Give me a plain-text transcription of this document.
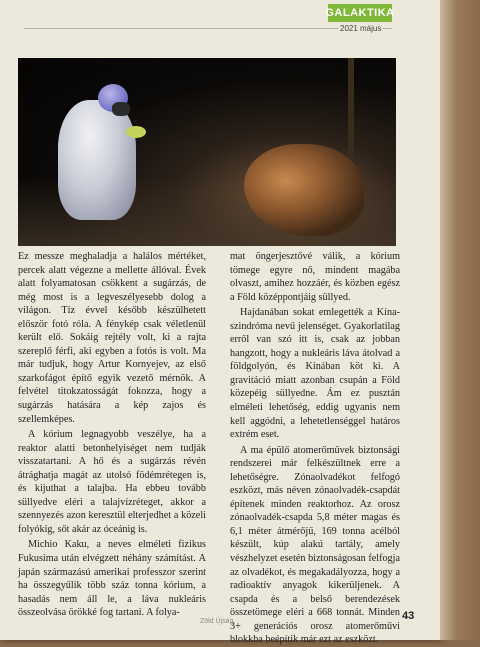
GALAKTIKA
2021 május

Ez messze meghaladja a halálos mértéket, percek alatt végezne a mellette állóval. Évek alatt folyamatosan csökkent a sugárzás, de még most is a legveszélyesebb dolog a világon. Tíz évvel később készülhetett először fotó róla. A fénykép csak véletlenül került elő. Sokáig rejtély volt, ki a rajta szereplő férfi, aki egyben a fotós is volt. Ma már tudjuk, hogy Artur Kornyejev, az első szarkofágot építő egyik vezető mérnök. A felvétel titokzatosságát fokozza, hogy a sugárzás hatására a kép zajos és szellemképes.

A kórium legnagyobb veszélye, ha a reaktor alatti betonhelyiséget nem tudják visszatartani. A hő és a sugárzás révén átrághatja magát az utolsó födémrétegen is, és kijuthat a talajba. Ha ebbeu tovább süllyedve eléri a talajvízréteget, akkor a szennyezés azon keresztül elterjedhet a közeli folyókig, sőt akár az óceánig is.

Michio Kaku, a neves elméleti fizikus Fukusima után elvégzett néhány számítást. A japán származású amerikai professzor szerint ha összegyűlik több száz tonna kórium, a hasadás nem áll le, a láva nukleáris összeolvása örökké fog tartani. A folya-

mat öngerjesztővé válik, a kórium tömege egyre nő, mindent magába olvaszt, amihez hozzáér, és közben egész a Föld középpontjáig süllyed.

Hajdanában sokat emlegették a Kína-szindróma nevű jelenséget. Gyakorlatilag erről van szó itt is, csak az jobban hangzott, hogy a nukleáris láva átolvad a földgolyón, és Kínában köt ki. A gravitáció miatt azonban csupán a Föld közepéig süllyedne. Ám ez pusztán elméleti lehetőség, eddig ugyanis nem kell aggódni, a lehetetlenséggel határos extrém eset.

A ma épülő atomerőművek biztonsági rendszerei már felkészültnek erre a lehetőségre. Zónaolvadékot felfogó eszközt, más néven zónaolvadék-csapdát építenek minden reaktorhoz. Az orosz zónaolvadék-csapda 5,8 méter magas és 6,1 méter átmérőjű, 169 tonna acélból készült, kúp alakú tartály, amely vészhelyzet esetén biztonságosan felfogja az olvadékot, és megakadályozza, hogy a radioaktív anyagok kikerüljenek. A csapda és a belső berendezések összetömege eléri a 668 tonnát. Minden 3+ generációs orosz atomerőművi blokkba beépítik már ezt az eszközt.

Zöld Újság	43
